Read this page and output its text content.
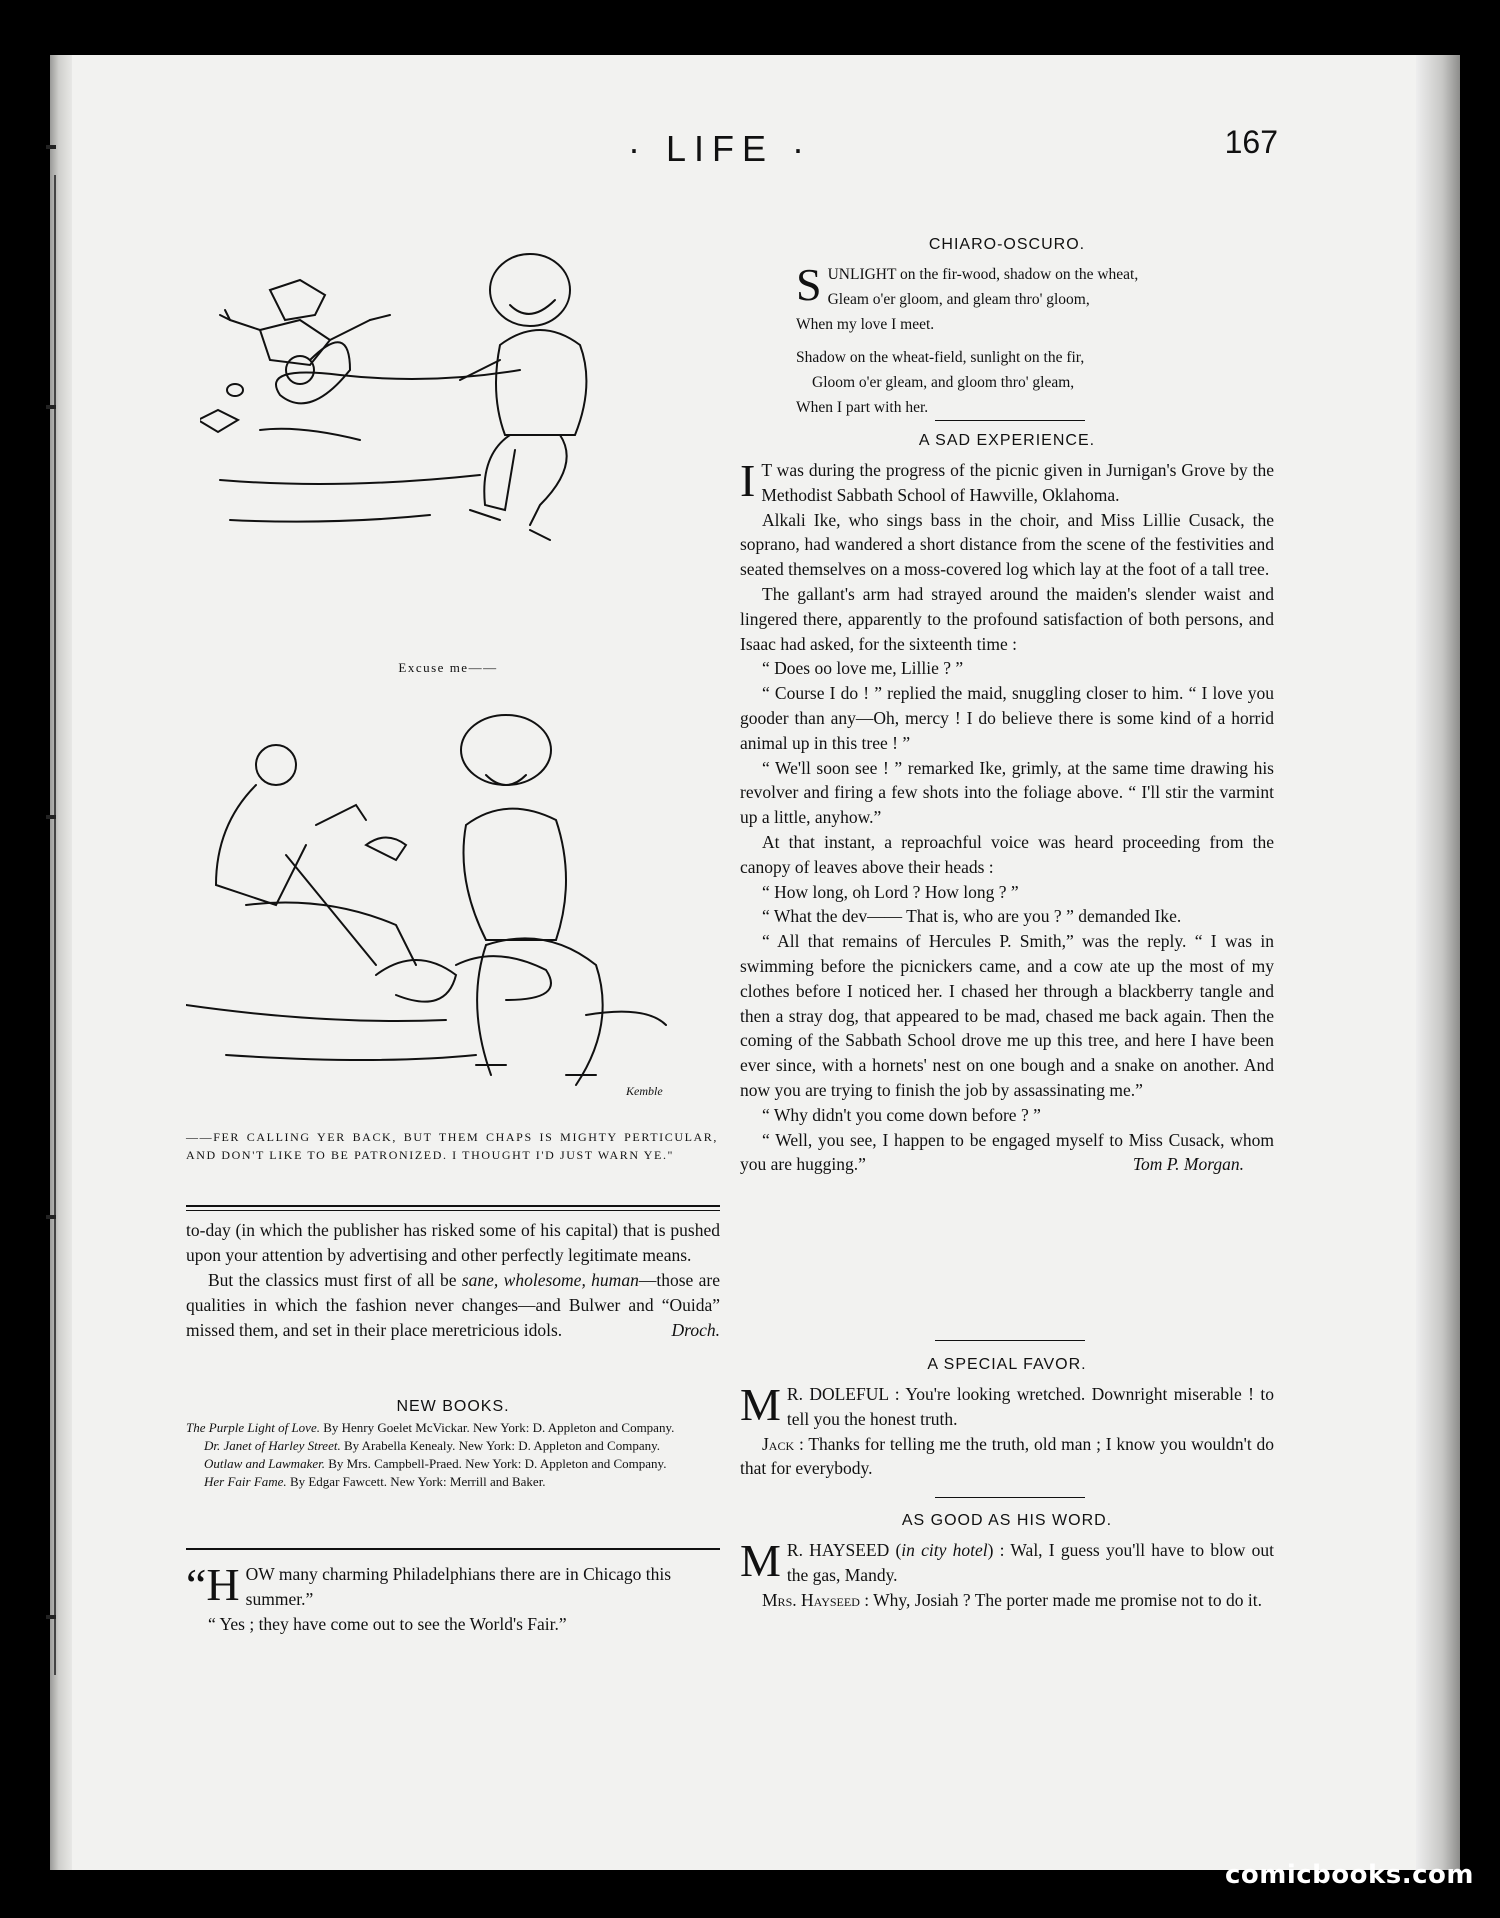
· LIFE ·	167
Excuse me——
Kemble
——FER CALLING YER BACK, BUT THEM CHAPS IS MIGHTY PERTICULAR, AND DON'T LIKE TO BE PATRONIZED. I THOUGHT I'D JUST WARN YE."

to-day (in which the publisher has risked some of his capital) that is pushed upon your attention by advertising and other perfectly legitimate means.

But the classics must first of all be sane, wholesome, human—those are qualities in which the fashion never changes—and Bulwer and “Ouida” missed them, and set in their place meretricious idols.	Droch.

NEW BOOKS.

The Purple Light of Love. By Henry Goelet McVickar. New York: D. Appleton and Company.

Dr. Janet of Harley Street. By Arabella Kenealy. New York: D. Appleton and Company.

Outlaw and Lawmaker. By Mrs. Campbell-Praed. New York: D. Appleton and Company.

Her Fair Fame. By Edgar Fawcett. New York: Merrill and Baker.

“H OW many charming Philadelphians there are in Chicago this summer.”
“ Yes ; they have come out to see the World's Fair.”
CHIARO-OSCURO.
S UNLIGHT on the fir-wood, shadow on the wheat,
Gleam o'er gloom, and gleam thro' gloom,
When my love I meet.
Shadow on the wheat-field, sunlight on the fir,
Gloom o'er gleam, and gloom thro' gleam,
When I part with her.
A SAD EXPERIENCE.

I T was during the progress of the picnic given in Jurnigan's Grove by the Methodist Sabbath School of Hawville, Oklahoma.

Alkali Ike, who sings bass in the choir, and Miss Lillie Cusack, the soprano, had wandered a short distance from the scene of the festivities and seated themselves on a moss-covered log which lay at the foot of a tall tree.

The gallant's arm had strayed around the maiden's slender waist and lingered there, apparently to the profound satisfaction of both persons, and Isaac had asked, for the sixteenth time :

“ Does oo love me, Lillie ? ”

“ Course I do ! ” replied the maid, snuggling closer to him. “ I love you gooder than any—Oh, mercy ! I do believe there is some kind of a horrid animal up in this tree ! ”

“ We'll soon see ! ” remarked Ike, grimly, at the same time drawing his revolver and firing a few shots into the foliage above. “ I'll stir the varmint up a little, anyhow.”

At that instant, a reproachful voice was heard proceeding from the canopy of leaves above their heads :

“ How long, oh Lord ? How long ? ”

“ What the dev—— That is, who are you ? ” demanded Ike.

“ All that remains of Hercules P. Smith,” was the reply. “ I was in swimming before the picnickers came, and a cow ate up the most of my clothes before I noticed her. I chased her through a blackberry tangle and then a stray dog, that appeared to be mad, chased me back again. Then the coming of the Sabbath School drove me up this tree, and here I have been ever since, with a hornets' nest on one bough and a snake on another. And now you are trying to finish the job by assassinating me.”

“ Why didn't you come down before ? ”

“ Well, you see, I happen to be engaged myself to Miss Cusack, whom you are hugging.”	Tom P. Morgan.

A SPECIAL FAVOR.

M R. DOLEFUL : You're looking wretched. Downright miserable ! to tell you the honest truth.

Jack : Thanks for telling me the truth, old man ; I know you wouldn't do that for everybody.

AS GOOD AS HIS WORD.

M R. HAYSEED (in city hotel) : Wal, I guess you'll have to blow out the gas, Mandy.

Mrs. Hayseed : Why, Josiah ? The porter made me promise not to do it.

comicbooks.com
